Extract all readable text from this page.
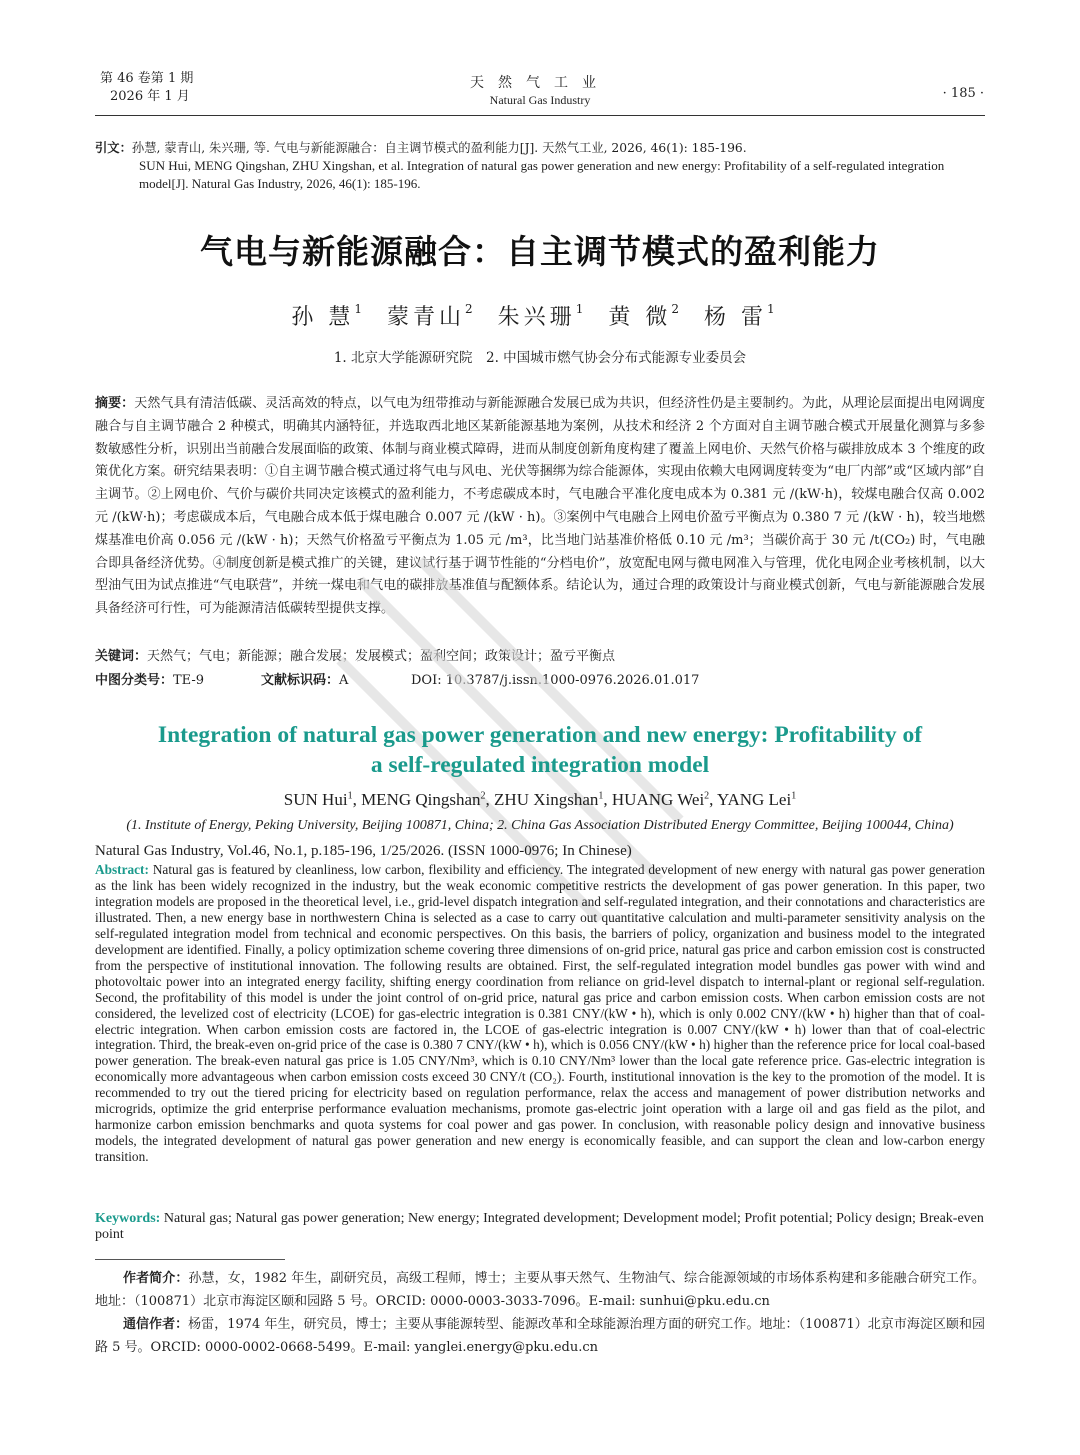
第 46 卷第 1 期
2026 年 1 月
天然气工业
Natural Gas Industry	· 185 ·
引文：孙慧, 蒙青山, 朱兴珊, 等. 气电与新能源融合：自主调节模式的盈利能力[J]. 天然气工业, 2026, 46(1): 185-196.
SUN Hui, MENG Qingshan, ZHU Xingshan, et al. Integration of natural gas power generation and new energy: Profitability of a self-regulated integration model[J]. Natural Gas Industry, 2026, 46(1): 185-196.
气电与新能源融合：自主调节模式的盈利能力
孙 慧$^1$ 蒙青山$^2$ 朱兴珊$^1$ 黄 微$^2$ 杨 雷$^1$
1. 北京大学能源研究院　2. 中国城市燃气协会分布式能源专业委员会
摘要：天然气具有清洁低碳、灵活高效的特点，以气电为纽带推动与新能源融合发展已成为共识，但经济性仍是主要制约。为此，从理论层面提出电网调度融合与自主调节融合 2 种模式，明确其内涵特征，并选取西北地区某新能源基地为案例，从技术和经济 2 个方面对自主调节融合模式开展量化测算与多参数敏感性分析，识别出当前融合发展面临的政策、体制与商业模式障碍，进而从制度创新角度构建了覆盖上网电价、天然气价格与碳排放成本 3 个维度的政策优化方案。研究结果表明：①自主调节融合模式通过将气电与风电、光伏等捆绑为综合能源体，实现由依赖大电网调度转变为“电厂内部”或“区域内部”自主调节。②上网电价、气价与碳价共同决定该模式的盈利能力，不考虑碳成本时，气电融合平准化度电成本为 0.381 元 /(kW·h)，较煤电融合仅高 0.002 元 /(kW·h)；考虑碳成本后，气电融合成本低于煤电融合 0.007 元 /(kW · h)。③案例中气电融合上网电价盈亏平衡点为 0.380 7 元 /(kW · h)，较当地燃煤基准电价高 0.056 元 /(kW · h)；天然气价格盈亏平衡点为 1.05 元 /m³，比当地门站基准价格低 0.10 元 /m³；当碳价高于 30 元 /t(CO₂) 时，气电融合即具备经济优势。④制度创新是模式推广的关键，建议试行基于调节性能的“分档电价”，放宽配电网与微电网准入与管理，优化电网企业考核机制，以大型油气田为试点推进“气电联营”，并统一煤电和气电的碳排放基准值与配额体系。结论认为，通过合理的政策设计与商业模式创新，气电与新能源融合发展具备经济可行性，可为能源清洁低碳转型提供支撑。
关键词：天然气；气电；新能源；融合发展；发展模式；盈利空间；政策设计；盈亏平衡点
中图分类号：TE-9	文献标识码：A	DOI: 10.3787/j.issn.1000-0976.2026.01.017
Integration of natural gas power generation and new energy: Profitability of
a self-regulated integration model
SUN Hui$^1$, MENG Qingshan$^2$, ZHU Xingshan$^1$, HUANG Wei$^2$, YANG Lei$^1$
(1. Institute of Energy, Peking University, Beijing 100871, China; 2. China Gas Association Distributed Energy Committee, Beijing 100044, China)
Natural Gas Industry, Vol.46, No.1, p.185-196, 1/25/2026. (ISSN 1000-0976; In Chinese)
Abstract: Natural gas is featured by cleanliness, low carbon, flexibility and efficiency. The integrated development of new energy with natural gas power generation as the link has been widely recognized in the industry, but the weak economic competitive restricts the development of gas power generation. In this paper, two integration models are proposed in the theoretical level, i.e., grid-level dispatch integration and self-regulated integration, and their connotations and characteristics are illustrated. Then, a new energy base in northwestern China is selected as a case to carry out quantitative calculation and multi-parameter sensitivity analysis on the self-regulated integration model from technical and economic perspectives. On this basis, the barriers of policy, organization and business model to the integrated development are identified. Finally, a policy optimization scheme covering three dimensions of on-grid price, natural gas price and carbon emission cost is constructed from the perspective of institutional innovation. The following results are obtained. First, the self-regulated integration model bundles gas power with wind and photovoltaic power into an integrated energy facility, shifting energy coordination from reliance on grid-level dispatch to internal-plant or regional self-regulation. Second, the profitability of this model is under the joint control of on-grid price, natural gas price and carbon emission costs. When carbon emission costs are not considered, the levelized cost of electricity (LCOE) for gas-electric integration is 0.381 CNY/(kW • h), which is only 0.002 CNY/(kW • h) higher than that of coal-electric integration. When carbon emission costs are factored in, the LCOE of gas-electric integration is 0.007 CNY/(kW • h) lower than that of coal-electric integration. Third, the break-even on-grid price of the case is 0.380 7 CNY/(kW • h), which is 0.056 CNY/(kW • h) higher than the reference price for local coal-based power generation. The break-even natural gas price is 1.05 CNY/Nm³, which is 0.10 CNY/Nm³ lower than the local gate reference price. Gas-electric integration is economically more advantageous when carbon emission costs exceed 30 CNY/t (CO₂). Fourth, institutional innovation is the key to the promotion of the model. It is recommended to try out the tiered pricing for electricity based on regulation performance, relax the access and management of power distribution networks and microgrids, optimize the grid enterprise performance evaluation mechanisms, promote gas-electric joint operation with a large oil and gas field as the pilot, and harmonize carbon emission benchmarks and quota systems for coal power and gas power. In conclusion, with reasonable policy design and innovative business models, the integrated development of natural gas power generation and new energy is economically feasible, and can support the clean and low-carbon energy transition.
Keywords: Natural gas; Natural gas power generation; New energy; Integrated development; Development model; Profit potential; Policy design; Break-even point
作者简介：孙慧，女，1982 年生，副研究员，高级工程师，博士；主要从事天然气、生物油气、综合能源领域的市场体系构建和多能融合研究工作。地址：（100871）北京市海淀区颐和园路 5 号。ORCID: 0000-0003-3033-7096。E-mail: sunhui@pku.edu.cn
通信作者：杨雷，1974 年生，研究员，博士；主要从事能源转型、能源改革和全球能源治理方面的研究工作。地址：（100871）北京市海淀区颐和园路 5 号。ORCID: 0000-0002-0668-5499。E-mail: yanglei.energy@pku.edu.cn
